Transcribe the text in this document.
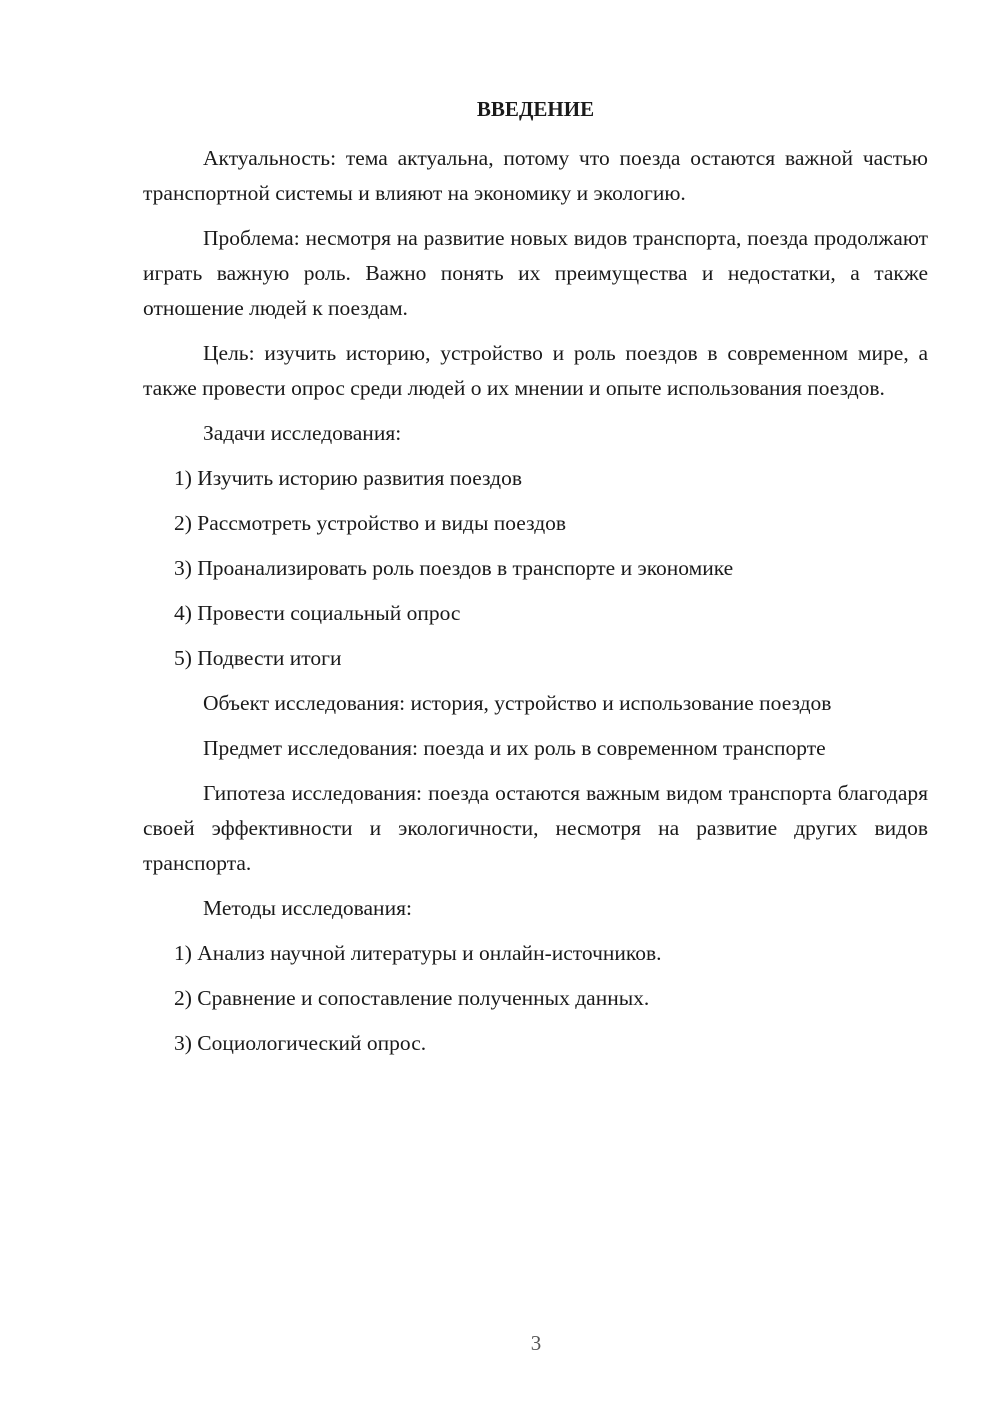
ВВЕДЕНИЕ

Актуальность: тема актуальна, потому что поезда остаются важной частью транспортной системы и влияют на экономику и экологию.

Проблема: несмотря на развитие новых видов транспорта, поезда продолжают играть важную роль. Важно понять их преимущества и недостатки, а также отношение людей к поездам.

Цель: изучить историю, устройство и роль поездов в современном мире, а также провести опрос среди людей о их мнении и опыте использования поездов.

Задачи исследования:

1) Изучить историю развития поездов

2) Рассмотреть устройство и виды поездов

3) Проанализировать роль поездов в транспорте и экономике

4) Провести социальный опрос

5) Подвести итоги

Объект исследования: история, устройство и использование поездов

Предмет исследования: поезда и их роль в современном транспорте

Гипотеза исследования: поезда остаются важным видом транспорта благодаря своей эффективности и экологичности, несмотря на развитие других видов транспорта.

Методы исследования:

1) Анализ научной литературы и онлайн-источников.

2) Сравнение и сопоставление полученных данных.

3) Социологический опрос.

3
